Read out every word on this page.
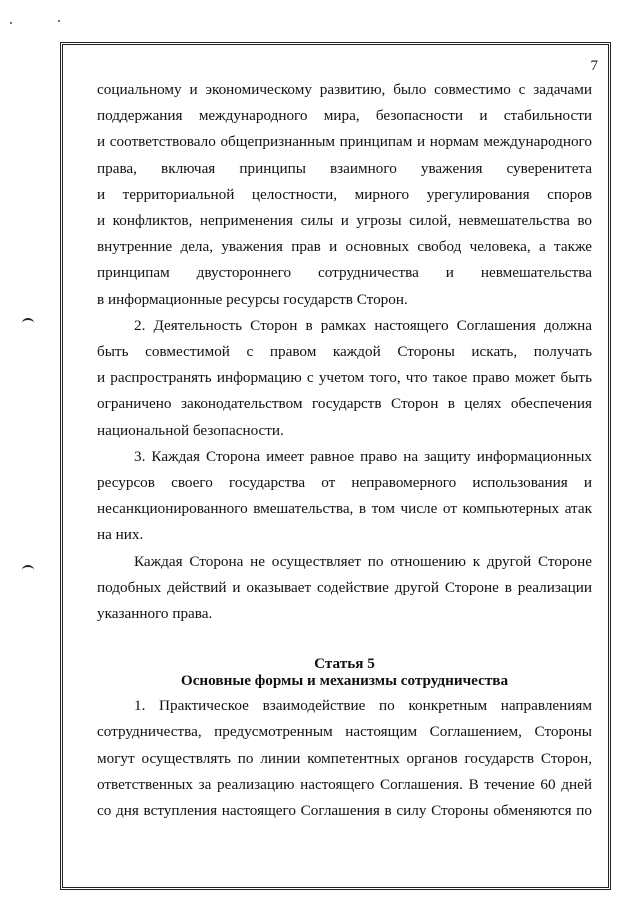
7

социальному и экономическому развитию, было совместимо с задачами
поддержания международного мира, безопасности и стабильности
и соответствовало общепризнанным принципам и нормам международного
права, включая принципы взаимного уважения суверенитета
и территориальной целостности, мирного урегулирования споров
и конфликтов, неприменения силы и угрозы силой, невмешательства во
внутренние дела, уважения прав и основных свобод человека, а также
принципам двустороннего сотрудничества и невмешательства
в информационные ресурсы государств Сторон.

2. Деятельность Сторон в рамках настоящего Соглашения должна
быть совместимой с правом каждой Стороны искать, получать
и распространять информацию с учетом того, что такое право может быть
ограничено законодательством государств Сторон в целях обеспечения
национальной безопасности.

3. Каждая Сторона имеет равное право на защиту информационных
ресурсов своего государства от неправомерного использования и
несанкционированного вмешательства, в том числе от компьютерных атак
на них.

Каждая Сторона не осуществляет по отношению к другой Стороне
подобных действий и оказывает содействие другой Стороне в реализации
указанного права.

Статья 5

Основные формы и механизмы сотрудничества

1. Практическое взаимодействие по конкретным направлениям
сотрудничества, предусмотренным настоящим Соглашением, Стороны
могут осуществлять по линии компетентных органов государств Сторон,
ответственных за реализацию настоящего Соглашения. В течение 60 дней
со дня вступления настоящего Соглашения в силу Стороны обменяются по
